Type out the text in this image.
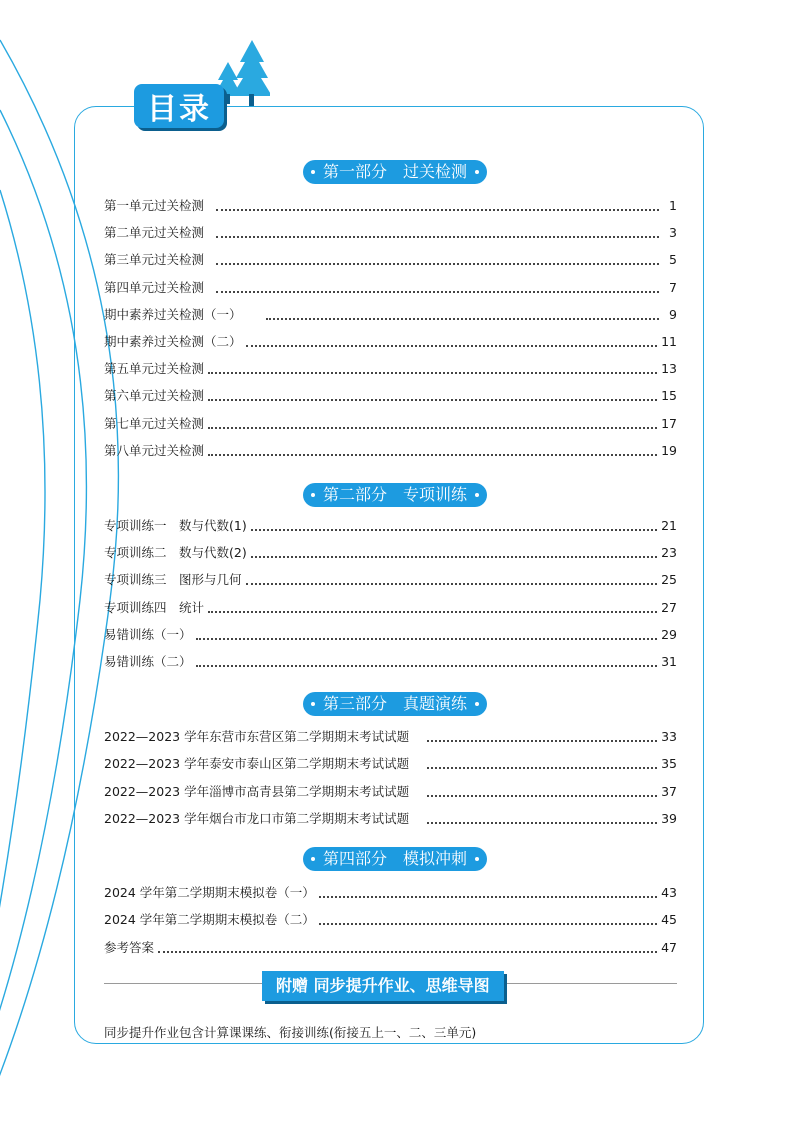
目录
第一部分　过关检测
第一单元过关检测	1
第二单元过关检测	3
第三单元过关检测	5
第四单元过关检测	7
期中素养过关检测（一）	9
期中素养过关检测（二）	11
第五单元过关检测	13
第六单元过关检测	15
第七单元过关检测	17
第八单元过关检测	19
第二部分　专项训练
专项训练一　数与代数(1)	21
专项训练二　数与代数(2)	23
专项训练三　图形与几何	25
专项训练四　统计	27
易错训练（一）	29
易错训练（二）	31
第三部分　真题演练
2022—2023 学年东营市东营区第二学期期末考试试题	33
2022—2023 学年泰安市泰山区第二学期期末考试试题	35
2022—2023 学年淄博市高青县第二学期期末考试试题	37
2022—2023 学年烟台市龙口市第二学期期末考试试题	39
第四部分　模拟冲刺
2024 学年第二学期期末模拟卷（一）	43
2024 学年第二学期期末模拟卷（二）	45
参考答案	47
附赠 同步提升作业、思维导图
同步提升作业包含计算课课练、衔接训练(衔接五上一、二、三单元)
